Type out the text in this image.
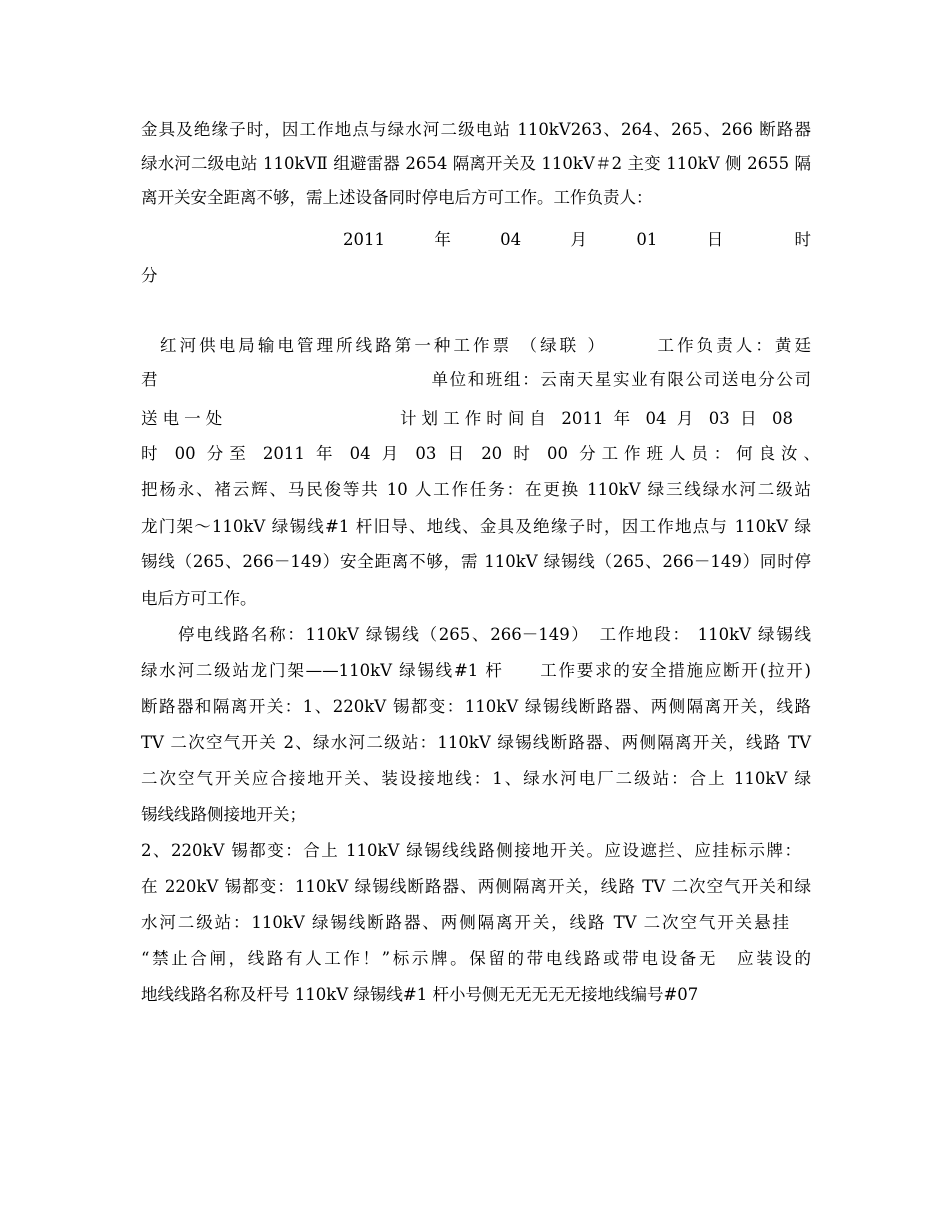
金具及绝缘子时，因工作地点与绿水河二级电站 110kV263、264、265、266 断路器
绿水河二级电站 110kVⅡ 组避雷器 2654 隔离开关及 110kV＃2 主变 110kV 侧 2655 隔
离开关安全距离不够，需上述设备同时停电后方可工作。工作负责人：
2011　　年　　04　　月　　01　　日　　　时
分
红河供电局输电管理所线路第一种工作票 （绿联 ）　　　工作负责人：黄廷
君　　　　　　　　　　　　　　　单位和班组：云南天星实业有限公司送电分公司
送电一处　　　　　　　　计划工作时间自 2011 年 04 月 03 日 08
时 00 分至 2011 年 04 月 03 日 20 时 00 分工作班人员：何良汝、
把杨永、褚云辉、马民俊等共 10 人工作任务：在更换 110kV 绿三线绿水河二级站
龙门架～110kV 绿锡线#1 杆旧导、地线、金具及绝缘子时，因工作地点与 110kV 绿
锡线（265、266－149）安全距离不够，需 110kV 绿锡线（265、266－149）同时停
电后方可工作。
停电线路名称：110kV 绿锡线（265、266－149）　工作地段： 110kV 绿锡线
绿水河二级站龙门架——110kV 绿锡线#1 杆　　工作要求的安全措施应断开(拉开)
断路器和隔离开关：1、220kV 锡都变：110kV 绿锡线断路器、两侧隔离开关，线路
TV 二次空气开关 2、绿水河二级站：110kV 绿锡线断路器、两侧隔离开关，线路 TV
二次空气开关应合接地开关、装设接地线：1、绿水河电厂二级站：合上 110kV 绿
锡线线路侧接地开关；
2、220kV 锡都变：合上 110kV 绿锡线线路侧接地开关。应设遮拦、应挂标示牌：
在 220kV 锡都变：110kV 绿锡线断路器、两侧隔离开关，线路 TV 二次空气开关和绿
水河二级站：110kV 绿锡线断路器、两侧隔离开关，线路 TV 二次空气开关悬挂
“禁止合闸，线路有人工作！”标示牌。保留的带电线路或带电设备无　应装设的
地线线路名称及杆号 110kV 绿锡线#1 杆小号侧无无无无无接地线编号#07
